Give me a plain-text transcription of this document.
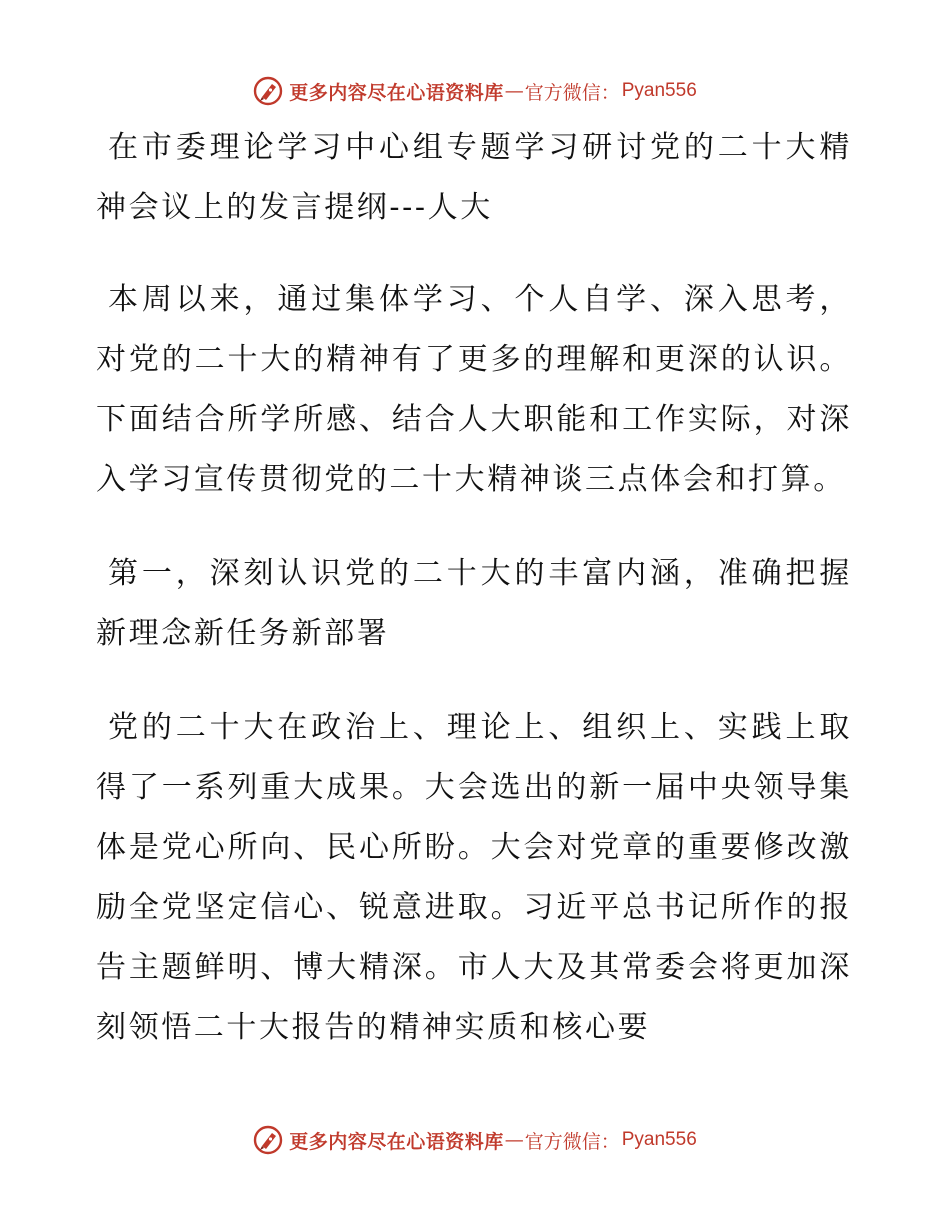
更多内容尽在心语资料库 — 官方微信： Pyan556

在市委理论学习中心组专题学习研讨党的二十大精神会议上的发言提纲---人大

本周以来，通过集体学习、个人自学、深入思考，对党的二十大的精神有了更多的理解和更深的认识。下面结合所学所感、结合人大职能和工作实际，对深入学习宣传贯彻党的二十大精神谈三点体会和打算。

第一，深刻认识党的二十大的丰富内涵，准确把握新理念新任务新部署

党的二十大在政治上、理论上、组织上、实践上取得了一系列重大成果。大会选出的新一届中央领导集体是党心所向、民心所盼。大会对党章的重要修改激励全党坚定信心、锐意进取。习近平总书记所作的报告主题鲜明、博大精深。市人大及其常委会将更加深刻领悟二十大报告的精神实质和核心要

更多内容尽在心语资料库 — 官方微信： Pyan556
